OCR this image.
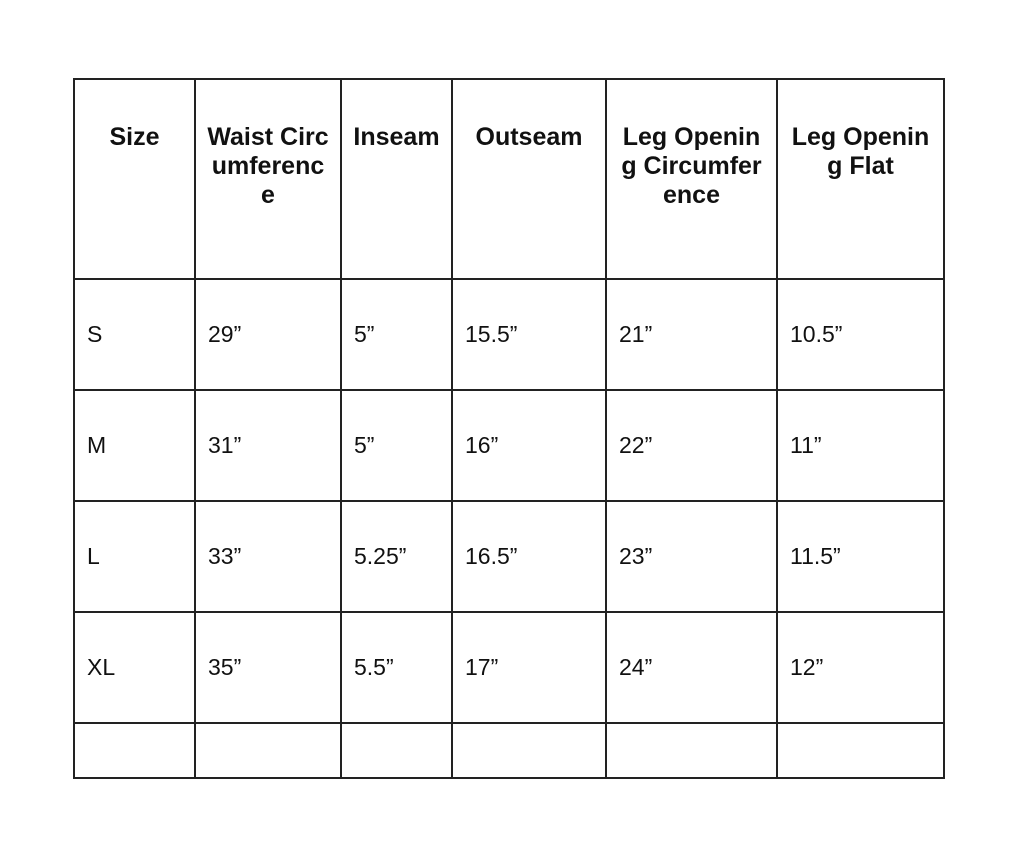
Size	Waist Circumference	Inseam	Outseam	Leg Opening Circumference	Leg Opening Flat
S	29”	5”	15.5”	21”	10.5”
M	31”	5”	16”	22”	11”
L	33”	5.25”	16.5”	23”	11.5”
XL	35”	5.5”	17”	24”	12”
